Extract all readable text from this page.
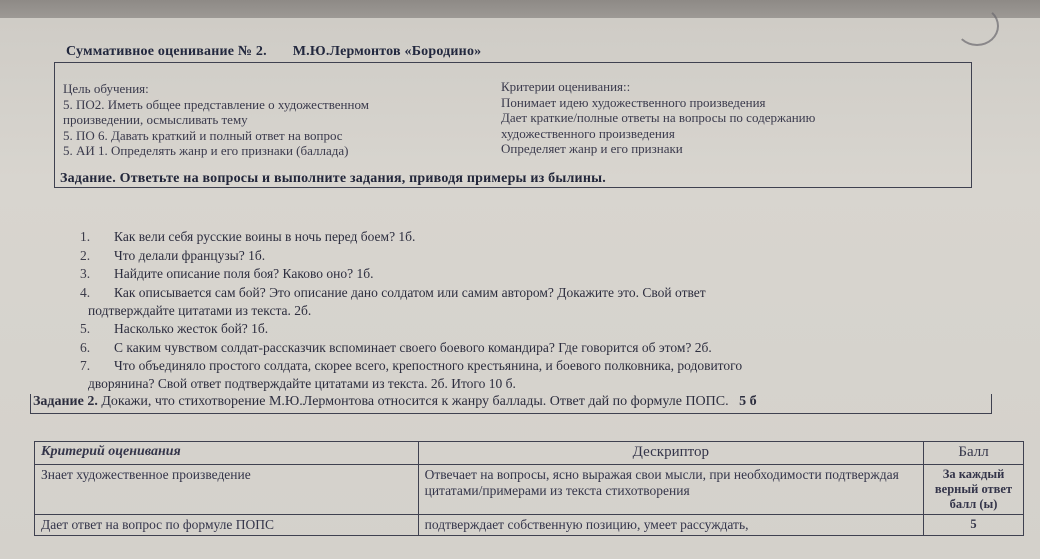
Суммативное оценивание № 2. М.Ю.Лермонтов «Бородино»
Цель обучения:
5. ПО2. Иметь общее представление о художественном
произведении, осмысливать тему
5. ПО 6. Давать краткий и полный ответ на вопрос
5. АИ 1. Определять жанр и его признаки (баллада)
Критерии оценивания::
Понимает идею художественного произведения
Дает краткие/полные ответы на вопросы по содержанию
художественного произведения
Определяет жанр и его признаки
Задание. Ответьте на вопросы и выполните задания, приводя примеры из былины.
1. Как вели себя русские воины в ночь перед боем? 1б.
2. Что делали французы? 1б.
3. Найдите описание поля боя? Каково оно? 1б.
4. Как описывается сам бой? Это описание дано солдатом или самим автором? Докажите это. Свой ответ
подтверждайте цитатами из текста. 2б.
5. Насколько жесток бой? 1б.
6. С каким чувством солдат-рассказчик вспоминает своего боевого командира? Где говорится об этом? 2б.
7. Что объединяло простого солдата, скорее всего, крепостного крестьянина, и боевого полковника, родовитого
дворянина? Свой ответ подтверждайте цитатами из текста. 2б. Итого 10 б.
Задание 2. Докажи, что стихотворение М.Ю.Лермонтова относится к жанру баллады. Ответ дай по формуле ПОПС. 5 б
Критерий оценивания	Дескриптор	Балл
Знает художественное произведение	Отвечает на вопросы, ясно выражая свои мысли, при необходимости подтверждая цитатами/примерами из текста стихотворения	За каждый верный ответ балл (ы)
Дает ответ на вопрос по формуле ПОПС	подтверждает собственную позицию, умеет рассуждать,	5
